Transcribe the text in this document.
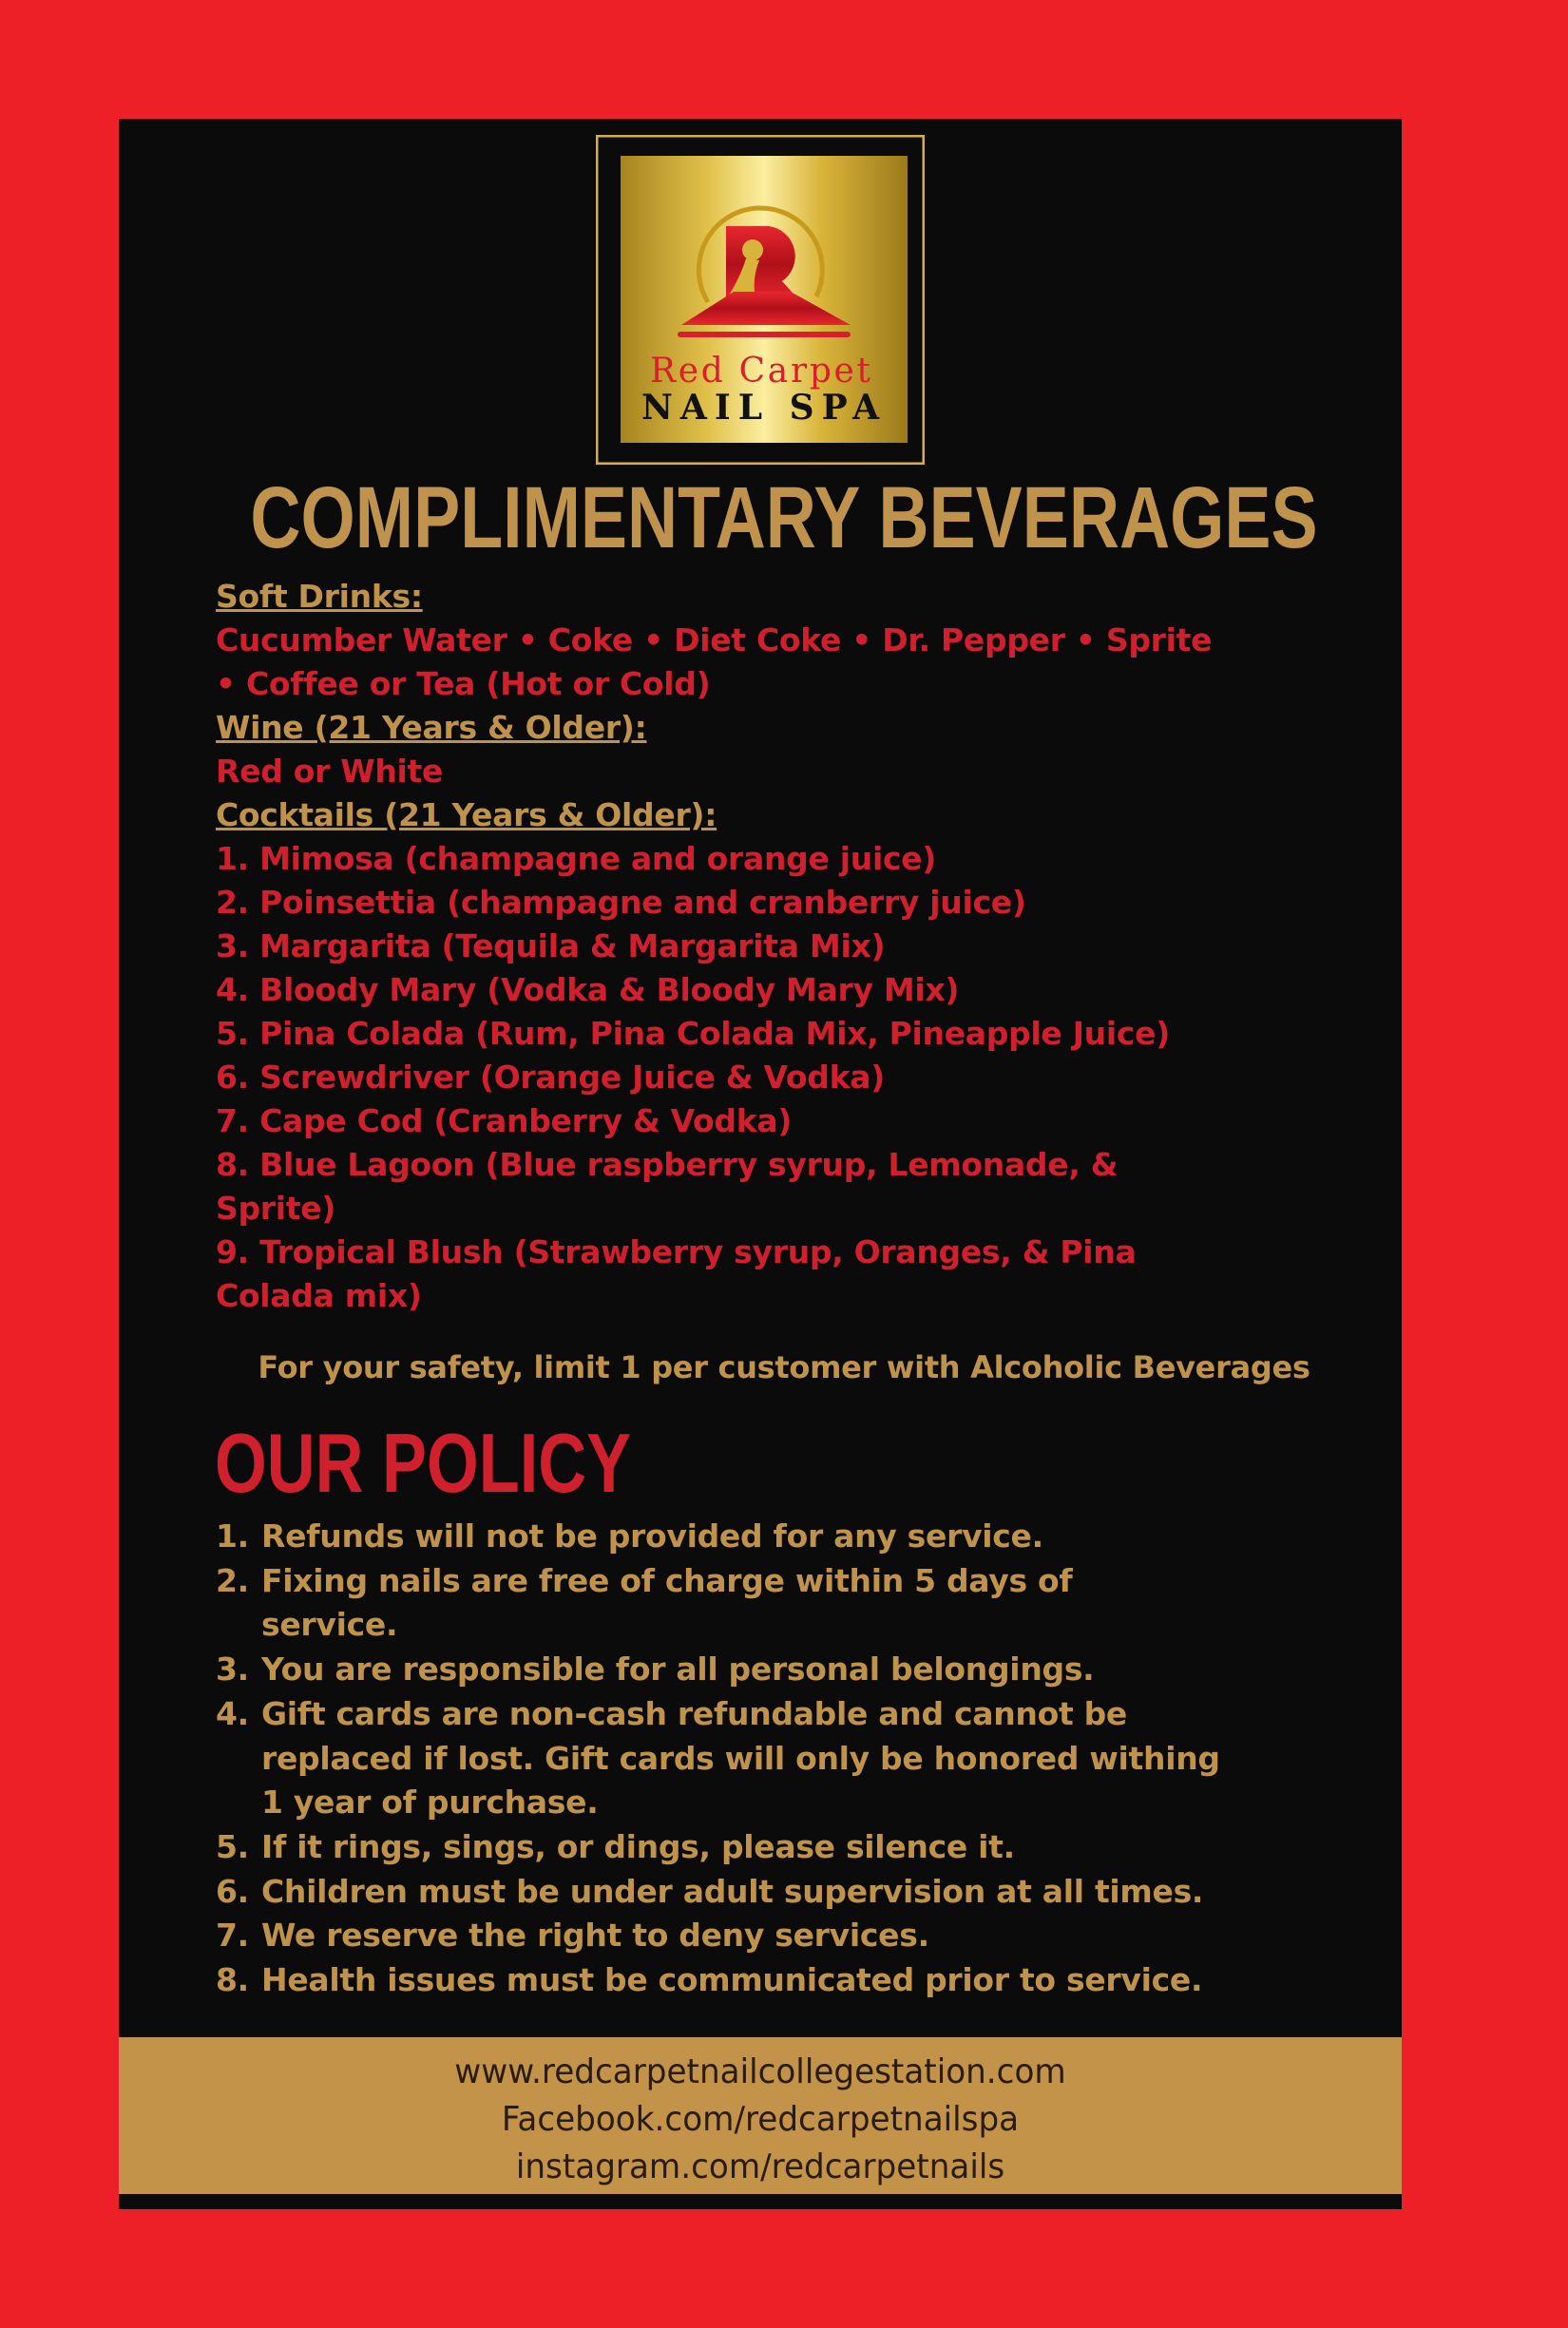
Red Carpet
NAIL SPA
COMPLIMENTARY BEVERAGES
Soft Drinks:
Cucumber Water • Coke • Diet Coke • Dr. Pepper • Sprite
• Coffee or Tea (Hot or Cold)
Wine (21 Years & Older):
Red or White
Cocktails (21 Years & Older):
1. Mimosa (champagne and orange juice)
2. Poinsettia (champagne and cranberry juice)
3. Margarita (Tequila & Margarita Mix)
4. Bloody Mary (Vodka & Bloody Mary Mix)
5. Pina Colada (Rum, Pina Colada Mix, Pineapple Juice)
6. Screwdriver (Orange Juice & Vodka)
7. Cape Cod (Cranberry & Vodka)
8. Blue Lagoon (Blue raspberry syrup, Lemonade, &
Sprite)
9. Tropical Blush (Strawberry syrup, Oranges, & Pina
Colada mix)
For your safety, limit 1 per customer with Alcoholic Beverages
OUR POLICY
1. Refunds will not be provided for any service.
2. Fixing nails are free of charge within 5 days of service.
3. You are responsible for all personal belongings.
4. Gift cards are non-cash refundable and cannot be replaced if lost. Gift cards will only be honored withing 1 year of purchase.
5. If it rings, sings, or dings, please silence it.
6. Children must be under adult supervision at all times.
7. We reserve the right to deny services.
8. Health issues must be communicated prior to service.
www.redcarpetnailcollegestation.com
Facebook.com/redcarpetnailspa
instagram.com/redcarpetnails
